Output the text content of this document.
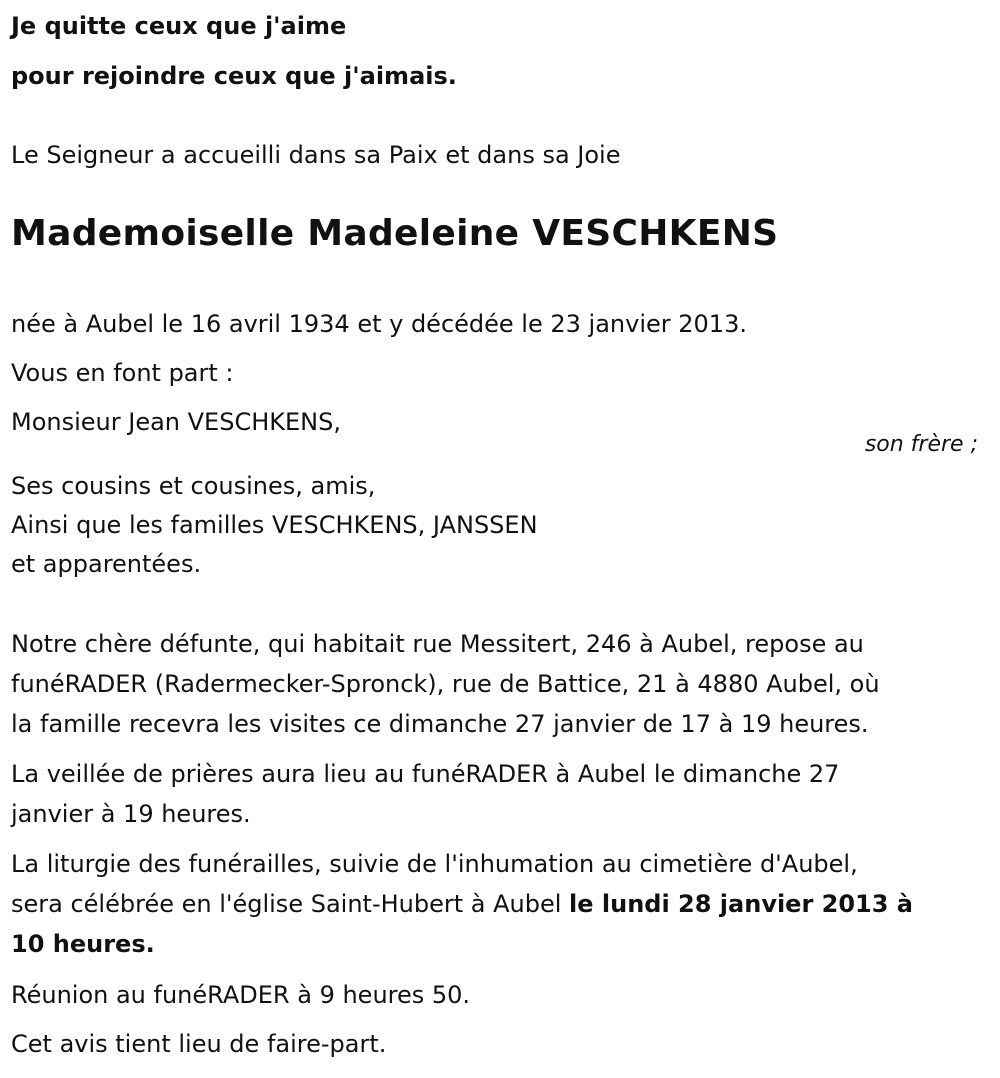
Je quitte ceux que j'aime
pour rejoindre ceux que j'aimais.
Le Seigneur a accueilli dans sa Paix et dans sa Joie
Mademoiselle Madeleine VESCHKENS
née à Aubel le 16 avril 1934 et y décédée le 23 janvier 2013.
Vous en font part :
Monsieur Jean VESCHKENS,
son frère ;
Ses cousins et cousines, amis,
Ainsi que les familles VESCHKENS, JANSSEN
et apparentées.
Notre chère défunte, qui habitait rue Messitert, 246 à Aubel, repose au
funéRADER (Radermecker-Spronck), rue de Battice, 21 à 4880 Aubel, où
la famille recevra les visites ce dimanche 27 janvier de 17 à 19 heures.
La veillée de prières aura lieu au funéRADER à Aubel le dimanche 27
janvier à 19 heures.
La liturgie des funérailles, suivie de l'inhumation au cimetière d'Aubel,
sera célébrée en l'église Saint-Hubert à Aubel le lundi 28 janvier 2013 à
10 heures.
Réunion au funéRADER à 9 heures 50.
Cet avis tient lieu de faire-part.
